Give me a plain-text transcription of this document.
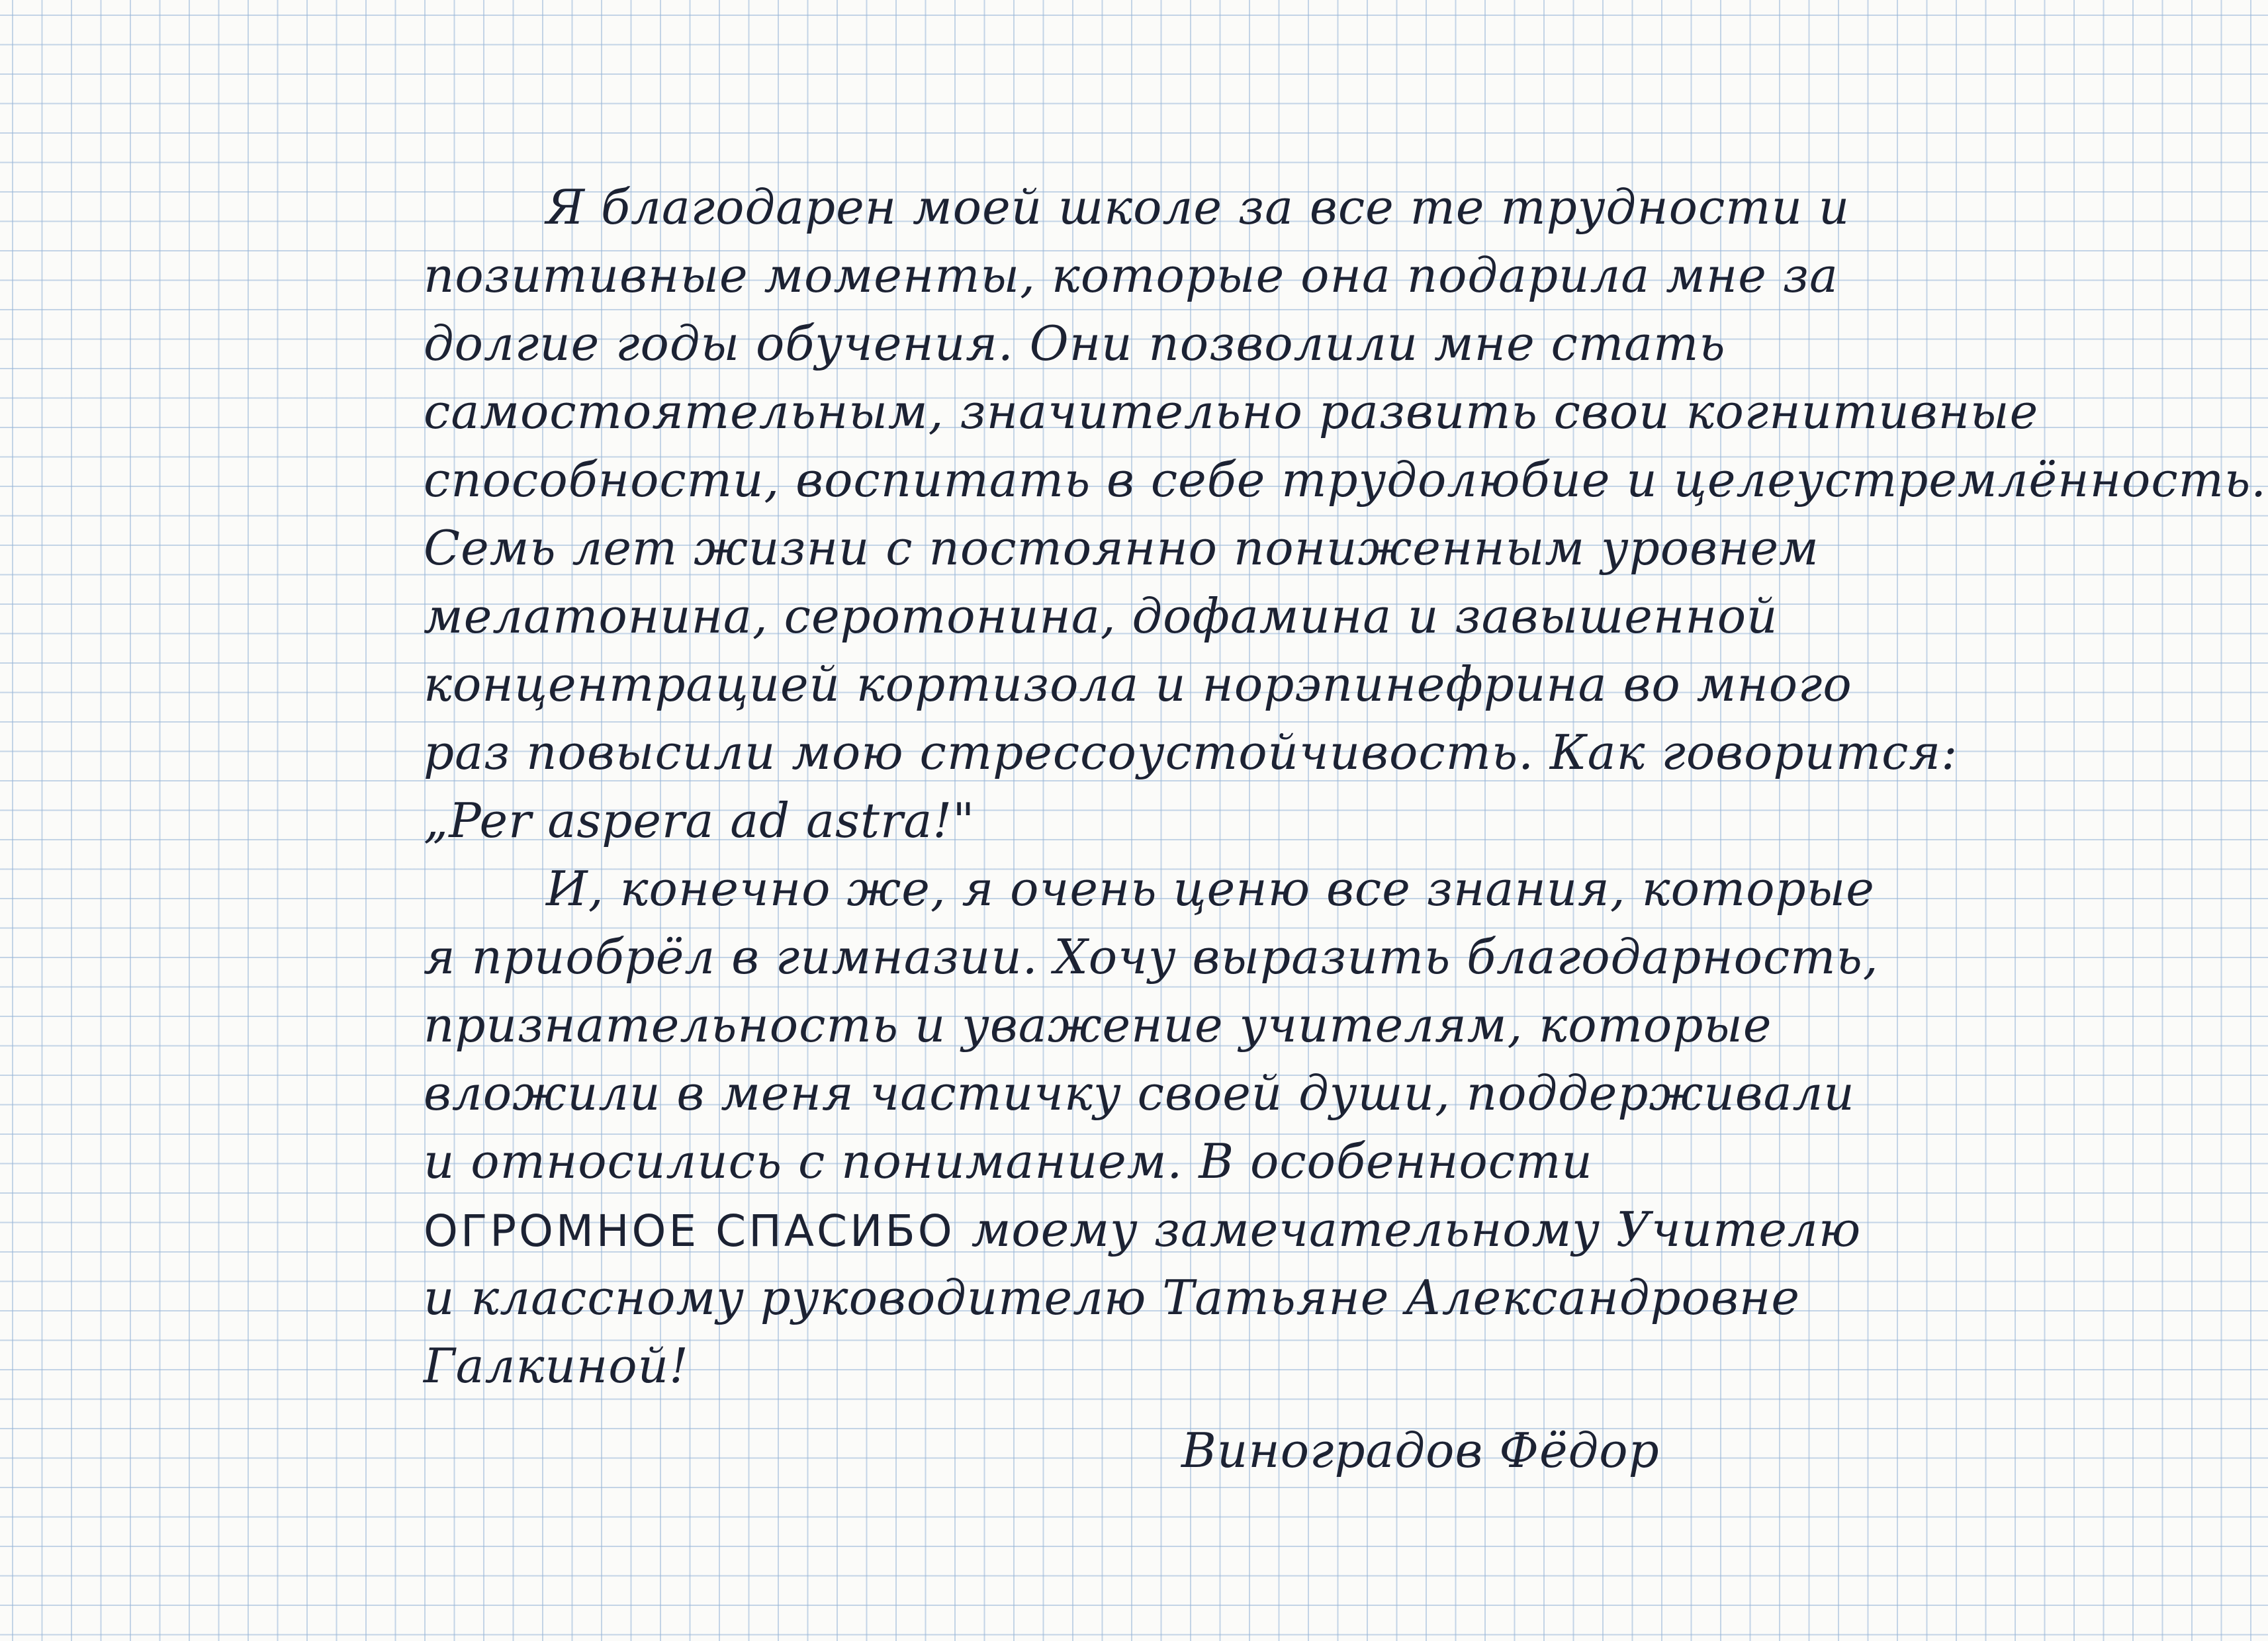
Я благодарен моей школе за все те трудности и
позитивные моменты, которые она подарила мне за
долгие годы обучения. Они позволили мне стать
самостоятельным, значительно развить свои когнитивные
способности, воспитать в себе трудолюбие и целеустремлённость.
Семь лет жизни с постоянно пониженным уровнем
мелатонина, серотонина, дофамина и завышенной
концентрацией кортизола и норэпинефрина во много
раз повысили мою стрессоустойчивость. Как говорится:
„Per aspera ad astra!"
И, конечно же, я очень ценю все знания, которые
я приобрёл в гимназии. Хочу выразить благодарность,
признательность и уважение учителям, которые
вложили в меня частичку своей души, поддерживали
и относились с пониманием. В особенности
ОГРОМНОЕ СПАСИБО моему замечательному Учителю
и классному руководителю Татьяне Александровне
Галкиной!
Виноградов Фёдор
